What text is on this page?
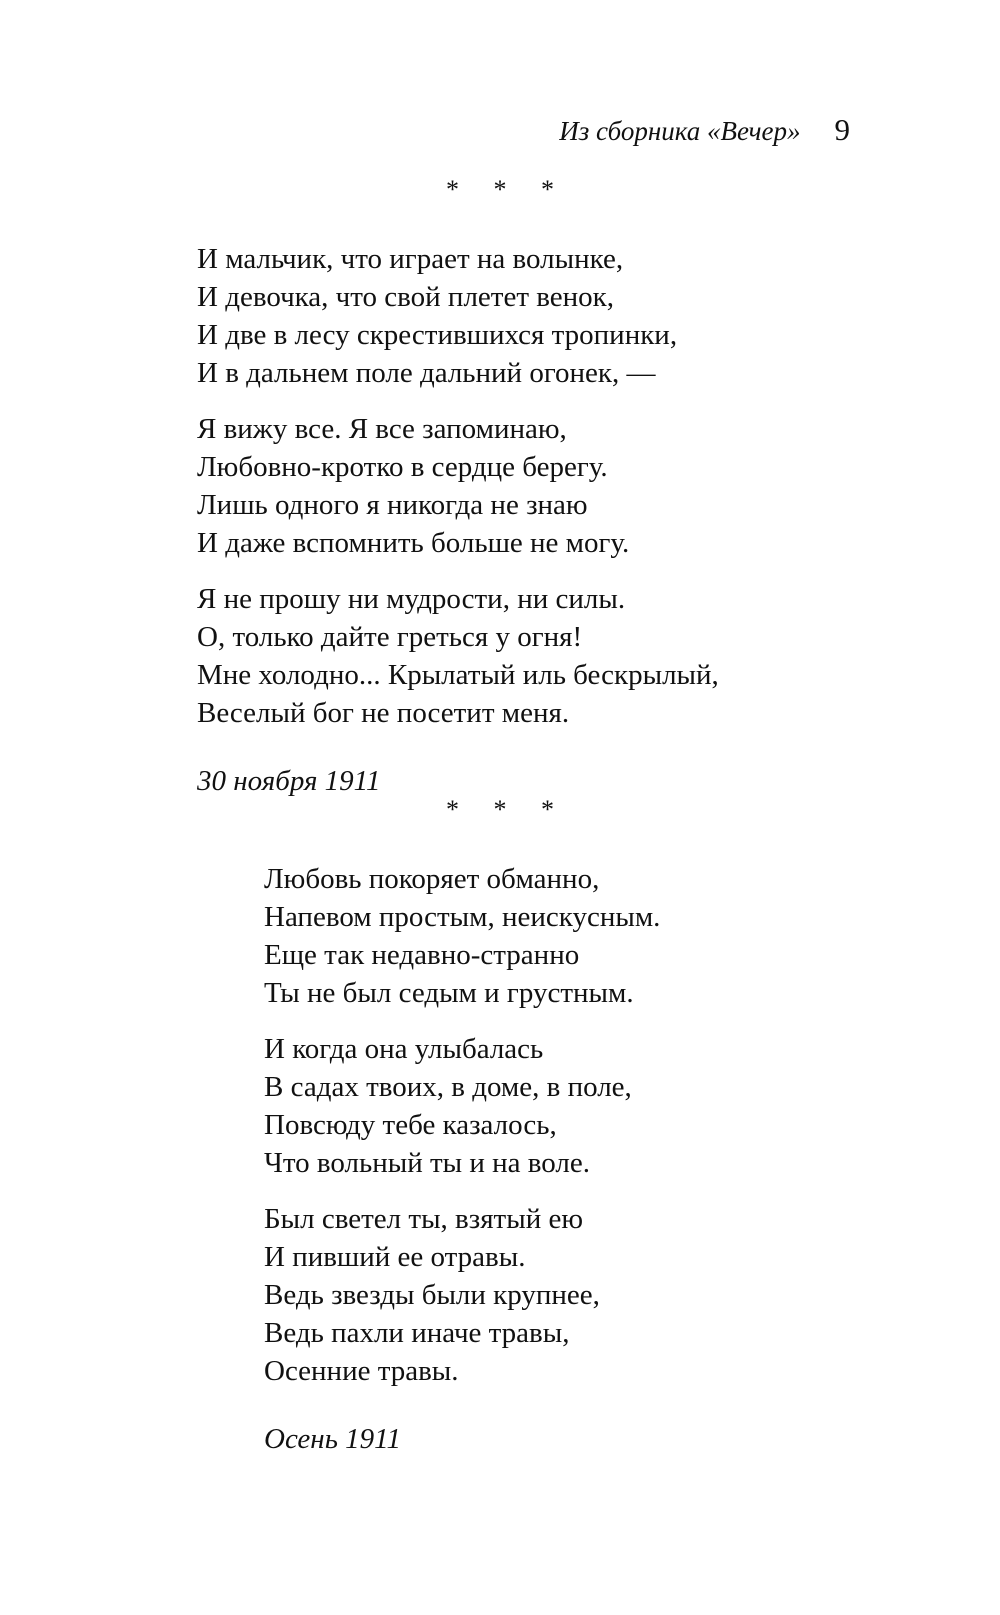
Из сборника «Вечер» 9
* * *
И мальчик, что играет на волынке,
И девочка, что свой плетет венок,
И две в лесу скрестившихся тропинки,
И в дальнем поле дальний огонек, —
Я вижу все. Я все запоминаю,
Любовно-кротко в сердце берегу.
Лишь одного я никогда не знаю
И даже вспомнить больше не могу.
Я не прошу ни мудрости, ни силы.
О, только дайте греться у огня!
Мне холодно... Крылатый иль бескрылый,
Веселый бог не посетит меня.
30 ноября 1911
* * *
Любовь покоряет обманно,
Напевом простым, неискусным.
Еще так недавно-странно
Ты не был седым и грустным.
И когда она улыбалась
В садах твоих, в доме, в поле,
Повсюду тебе казалось,
Что вольный ты и на воле.
Был светел ты, взятый ею
И пивший ее отравы.
Ведь звезды были крупнее,
Ведь пахли иначе травы,
Осенние травы.
Осень 1911
